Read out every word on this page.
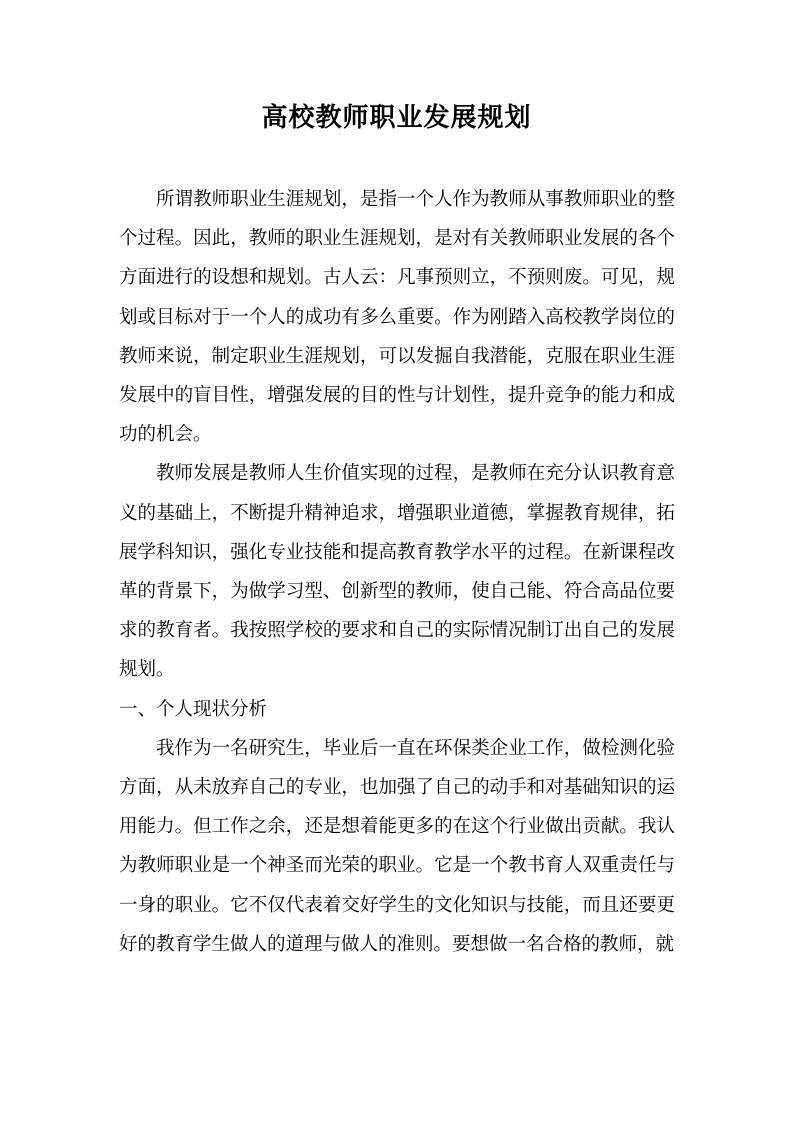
高校教师职业发展规划

所谓教师职业生涯规划，是指一个人作为教师从事教师职业的整个过程。因此，教师的职业生涯规划，是对有关教师职业发展的各个方面进行的设想和规划。古人云：凡事预则立，不预则废。可见，规划或目标对于一个人的成功有多么重要。作为刚踏入高校教学岗位的教师来说，制定职业生涯规划，可以发掘自我潜能，克服在职业生涯发展中的盲目性，增强发展的目的性与计划性，提升竞争的能力和成功的机会。

教师发展是教师人生价值实现的过程，是教师在充分认识教育意义的基础上，不断提升精神追求，增强职业道德，掌握教育规律，拓展学科知识，强化专业技能和提高教育教学水平的过程。在新课程改革的背景下，为做学习型、创新型的教师，使自己能、符合高品位要求的教育者。我按照学校的要求和自己的实际情况制订出自己的发展规划。

一、个人现状分析

我作为一名研究生，毕业后一直在环保类企业工作，做检测化验方面，从未放弃自己的专业，也加强了自己的动手和对基础知识的运用能力。但工作之余，还是想着能更多的在这个行业做出贡献。我认为教师职业是一个神圣而光荣的职业。它是一个教书育人双重责任与一身的职业。它不仅代表着交好学生的文化知识与技能，而且还要更好的教育学生做人的道理与做人的准则。要想做一名合格的教师，就
